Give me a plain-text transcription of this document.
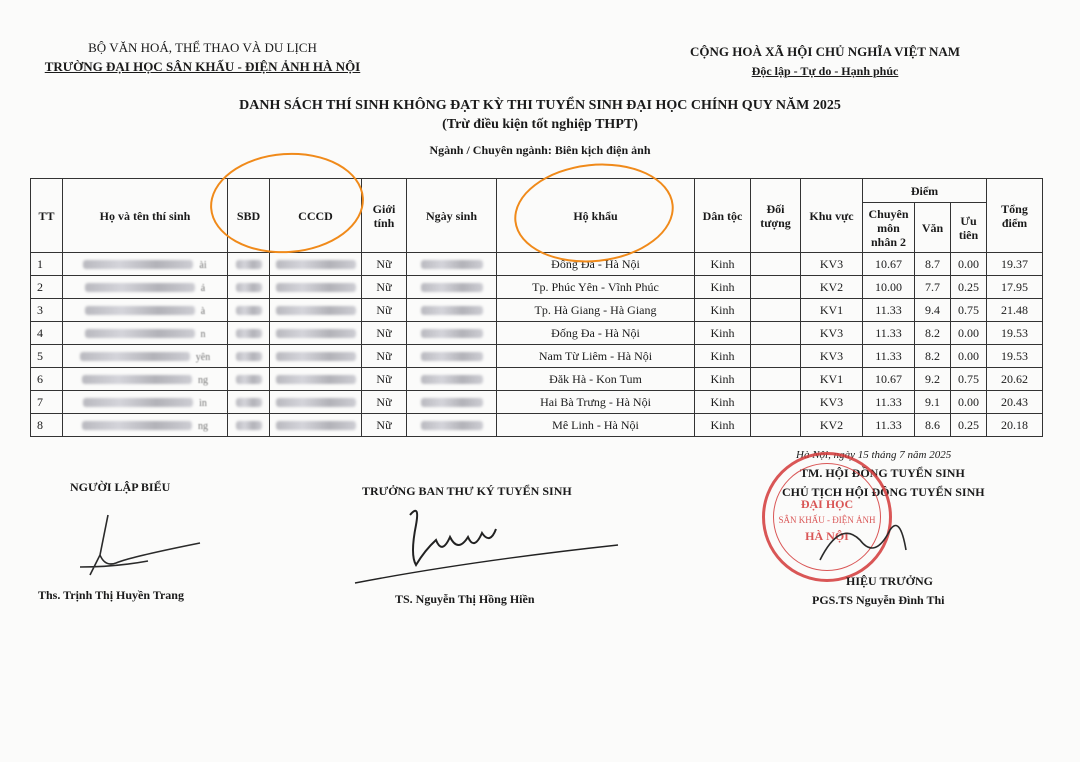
BỘ VĂN HOÁ, THỂ THAO VÀ DU LỊCH
TRƯỜNG ĐẠI HỌC SÂN KHẤU - ĐIỆN ẢNH HÀ NỘI
CỘNG HOÀ XÃ HỘI CHỦ NGHĨA VIỆT NAM
Độc lập - Tự do - Hạnh phúc
DANH SÁCH THÍ SINH KHÔNG ĐẠT KỲ THI TUYỂN SINH ĐẠI HỌC CHÍNH QUY NĂM 2025
(Trừ điều kiện tốt nghiệp THPT)
Ngành / Chuyên ngành: Biên kịch điện ảnh
TT	Họ và tên thí sinh	SBD	CCCD	Giới tính	Ngày sinh	Hộ khẩu	Dân tộc	Đối tượng	Khu vực	Điểm			Tổng điểm
										Chuyên môn nhân 2	Văn	Ưu tiên	
1	ài			Nữ		Đống Đa - Hà Nội	Kinh		KV3	10.67	8.7	0.00	19.37
2	ả			Nữ		Tp. Phúc Yên - Vĩnh Phúc	Kinh		KV2	10.00	7.7	0.25	17.95
3	à			Nữ		Tp. Hà Giang - Hà Giang	Kinh		KV1	11.33	9.4	0.75	21.48
4	n			Nữ		Đống Đa - Hà Nội	Kinh		KV3	11.33	8.2	0.00	19.53
5	yên			Nữ		Nam Từ Liêm - Hà Nội	Kinh		KV3	11.33	8.2	0.00	19.53
6	ng			Nữ		Đăk Hà - Kon Tum	Kinh		KV1	10.67	9.2	0.75	20.62
7	ìn			Nữ		Hai Bà Trưng - Hà Nội	Kinh		KV3	11.33	9.1	0.00	20.43
8	ng			Nữ		Mê Linh - Hà Nội	Kinh		KV2	11.33	8.6	0.25	20.18
NGƯỜI LẬP BIỂU
Ths. Trịnh Thị Huyền Trang
TRƯỞNG BAN THƯ KÝ TUYỂN SINH
TS. Nguyễn Thị Hồng Hiền
Hà Nội, ngày 15 tháng 7 năm 2025
TM. HỘI ĐỒNG TUYỂN SINH
CHỦ TỊCH HỘI ĐỒNG TUYỂN SINH
ĐẠI HỌC
SÂN KHẤU - ĐIỆN ẢNH
HÀ NỘI
HIỆU TRƯỞNG
PGS.TS Nguyễn Đình Thi
